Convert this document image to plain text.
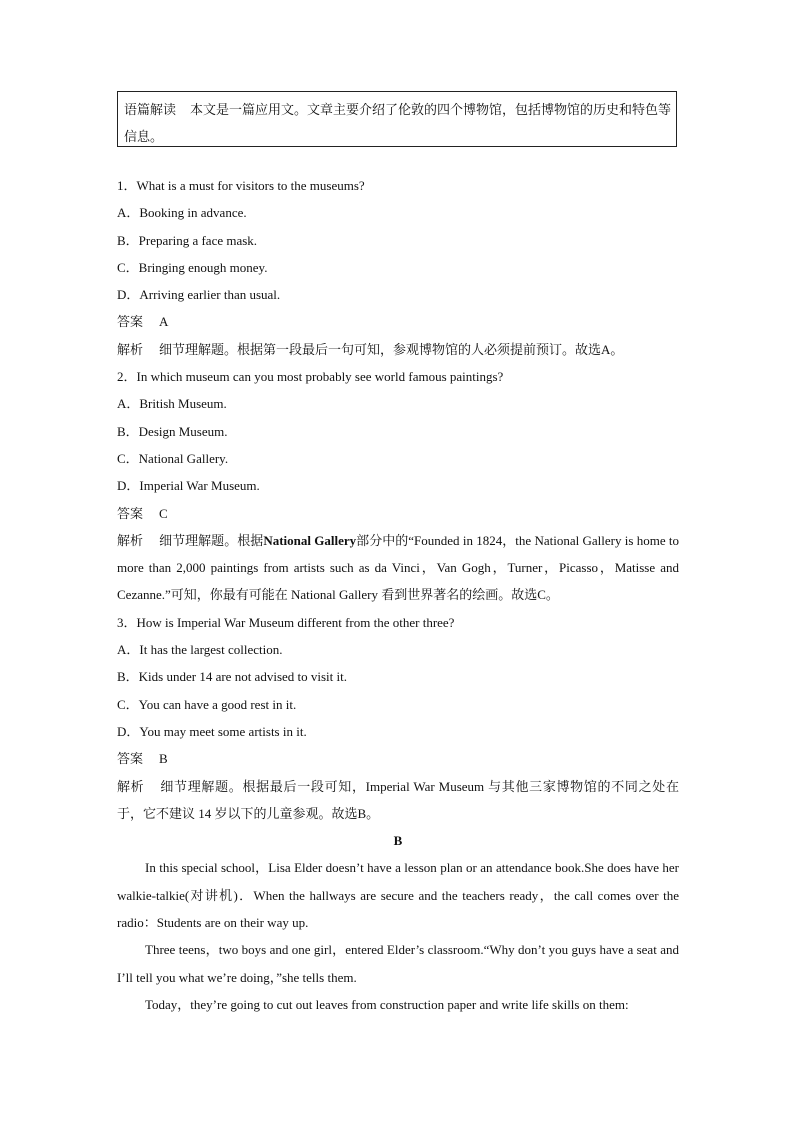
语篇解读 本文是一篇应用文。文章主要介绍了伦敦的四个博物馆，包括博物馆的历史和特色等信息。
1．What is a must for visitors to the museums?
A．Booking in advance.
B．Preparing a face mask.
C．Bringing enough money.
D．Arriving earlier than usual.
答案 A
解析 细节理解题。根据第一段最后一句可知，参观博物馆的人必须提前预订。故选A。
2．In which museum can you most probably see world famous paintings?
A．British Museum.
B．Design Museum.
C．National Gallery.
D．Imperial War Museum.
答案 C
解析 细节理解题。根据National Gallery部分中的“Founded in 1824，the National Gallery is home to more than 2,000 paintings from artists such as da Vinci，Van Gogh，Turner，Picasso，Matisse and Cezanne.”可知，你最有可能在 National Gallery 看到世界著名的绘画。故选C。
3．How is Imperial War Museum different from the other three?
A．It has the largest collection.
B．Kids under 14 are not advised to visit it.
C．You can have a good rest in it.
D．You may meet some artists in it.
答案 B
解析 细节理解题。根据最后一段可知，Imperial War Museum 与其他三家博物馆的不同之处在于，它不建议 14 岁以下的儿童参观。故选B。
B
In this special school，Lisa Elder doesn’t have a lesson plan or an attendance book.She does have her walkie-talkie(对讲机)．When the hallways are secure and the teachers ready，the call comes over the radio：Students are on their way up.
Three teens，two boys and one girl，entered Elder’s classroom.“Why don’t you guys have a seat and I’ll tell you what we’re doing，”she tells them.
Today，they’re going to cut out leaves from construction paper and write life skills on them:
